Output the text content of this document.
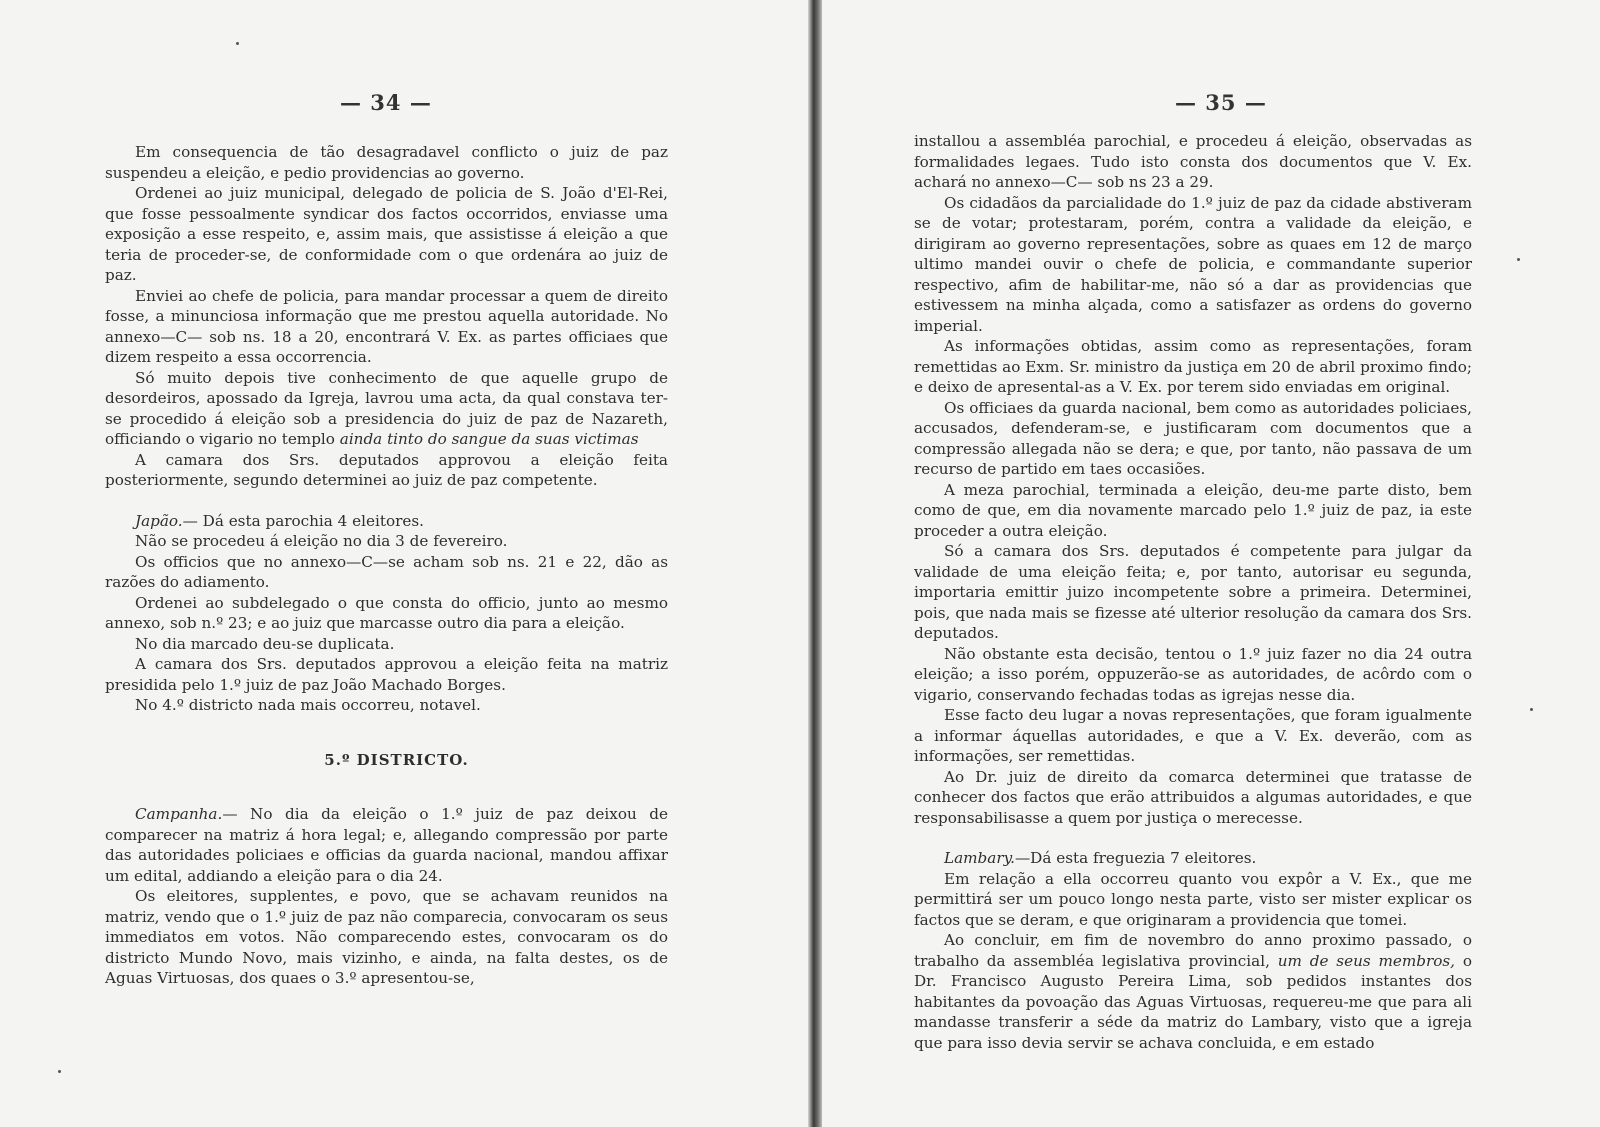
— 34 —

Em consequencia de tão desagradavel conflicto o juiz de paz suspendeu a eleição, e pedio providencias ao governo.

Ordenei ao juiz municipal, delegado de policia de S. João d'El-Rei, que fosse pessoalmente syndicar dos factos occorridos, enviasse uma exposição a esse respeito, e, assim mais, que assistisse á eleição a que teria de proceder-se, de conformidade com o que ordenára ao juiz de paz.

Enviei ao chefe de policia, para mandar processar a quem de direito fosse, a minunciosa informação que me prestou aquella autoridade. No annexo—C— sob ns. 18 a 20, encontrará V. Ex. as partes officiaes que dizem respeito a essa occorrencia.

Só muito depois tive conhecimento de que aquelle grupo de desordeiros, apossado da Igreja, lavrou uma acta, da qual constava ter-se procedido á eleição sob a presidencia do juiz de paz de Nazareth, officiando o vigario no templo ainda tinto do sangue da suas victimas

A camara dos Srs. deputados approvou a eleição feita posteriormente, segundo determinei ao juiz de paz competente.

Japão.— Dá esta parochia 4 eleitores.

Não se procedeu á eleição no dia 3 de fevereiro.

Os officios que no annexo—C—se acham sob ns. 21 e 22, dão as razões do adiamento.

Ordenei ao subdelegado o que consta do officio, junto ao mesmo annexo, sob n.º 23; e ao juiz que marcasse outro dia para a eleição.

No dia marcado deu-se duplicata.

A camara dos Srs. deputados approvou a eleição feita na matriz presidida pelo 1.º juiz de paz João Machado Borges.

No 4.º districto nada mais occorreu, notavel.

5.º DISTRICTO.

Campanha.— No dia da eleição o 1.º juiz de paz deixou de comparecer na matriz á hora legal; e, allegando compressão por parte das autoridades policiaes e officias da guarda nacional, mandou affixar um edital, addiando a eleição para o dia 24.

Os eleitores, supplentes, e povo, que se achavam reunidos na matriz, vendo que o 1.º juiz de paz não comparecia, convocaram os seus immediatos em votos. Não comparecendo estes, convocaram os do districto Mundo Novo, mais vizinho, e ainda, na falta destes, os de Aguas Virtuosas, dos quaes o 3.º apresentou-se,

— 35 —

installou a assembléa parochial, e procedeu á eleição, observadas as formalidades legaes. Tudo isto consta dos documentos que V. Ex. achará no annexo—C— sob ns 23 a 29.

Os cidadãos da parcialidade do 1.º juiz de paz da cidade abstiveram se de votar; protestaram, porém, contra a validade da eleição, e dirigiram ao governo representações, sobre as quaes em 12 de março ultimo mandei ouvir o chefe de policia, e commandante superior respectivo, afim de habilitar-me, não só a dar as providencias que estivessem na minha alçada, como a satisfazer as ordens do governo imperial.

As informações obtidas, assim como as representações, foram remettidas ao Exm. Sr. ministro da justiça em 20 de abril proximo findo; e deixo de apresental-as a V. Ex. por terem sido enviadas em original.

Os officiaes da guarda nacional, bem como as autoridades policiaes, accusados, defenderam-se, e justificaram com documentos que a compressão allegada não se dera; e que, por tanto, não passava de um recurso de partido em taes occasiões.

A meza parochial, terminada a eleição, deu-me parte disto, bem como de que, em dia novamente marcado pelo 1.º juiz de paz, ia este proceder a outra eleição.

Só a camara dos Srs. deputados é competente para julgar da validade de uma eleição feita; e, por tanto, autorisar eu segunda, importaria emittir juizo incompetente sobre a primeira. Determinei, pois, que nada mais se fizesse até ulterior resolução da camara dos Srs. deputados.

Não obstante esta decisão, tentou o 1.º juiz fazer no dia 24 outra eleição; a isso porém, oppuzerão-se as autoridades, de acôrdo com o vigario, conservando fechadas todas as igrejas nesse dia.

Esse facto deu lugar a novas representações, que foram igualmente a informar áquellas autoridades, e que a V. Ex. deverão, com as informações, ser remettidas.

Ao Dr. juiz de direito da comarca determinei que tratasse de conhecer dos factos que erão attribuidos a algumas autoridades, e que responsabilisasse a quem por justiça o merecesse.

Lambary.—Dá esta freguezia 7 eleitores.

Em relação a ella occorreu quanto vou expôr a V. Ex., que me permittirá ser um pouco longo nesta parte, visto ser mister explicar os factos que se deram, e que originaram a providencia que tomei.

Ao concluir, em fim de novembro do anno proximo passado, o trabalho da assembléa legislativa provincial, um de seus membros, o Dr. Francisco Augusto Pereira Lima, sob pedidos instantes dos habitantes da povoação das Aguas Virtuosas, requereu-me que para ali mandasse transferir a séde da matriz do Lambary, visto que a igreja que para isso devia servir se achava concluida, e em estado
